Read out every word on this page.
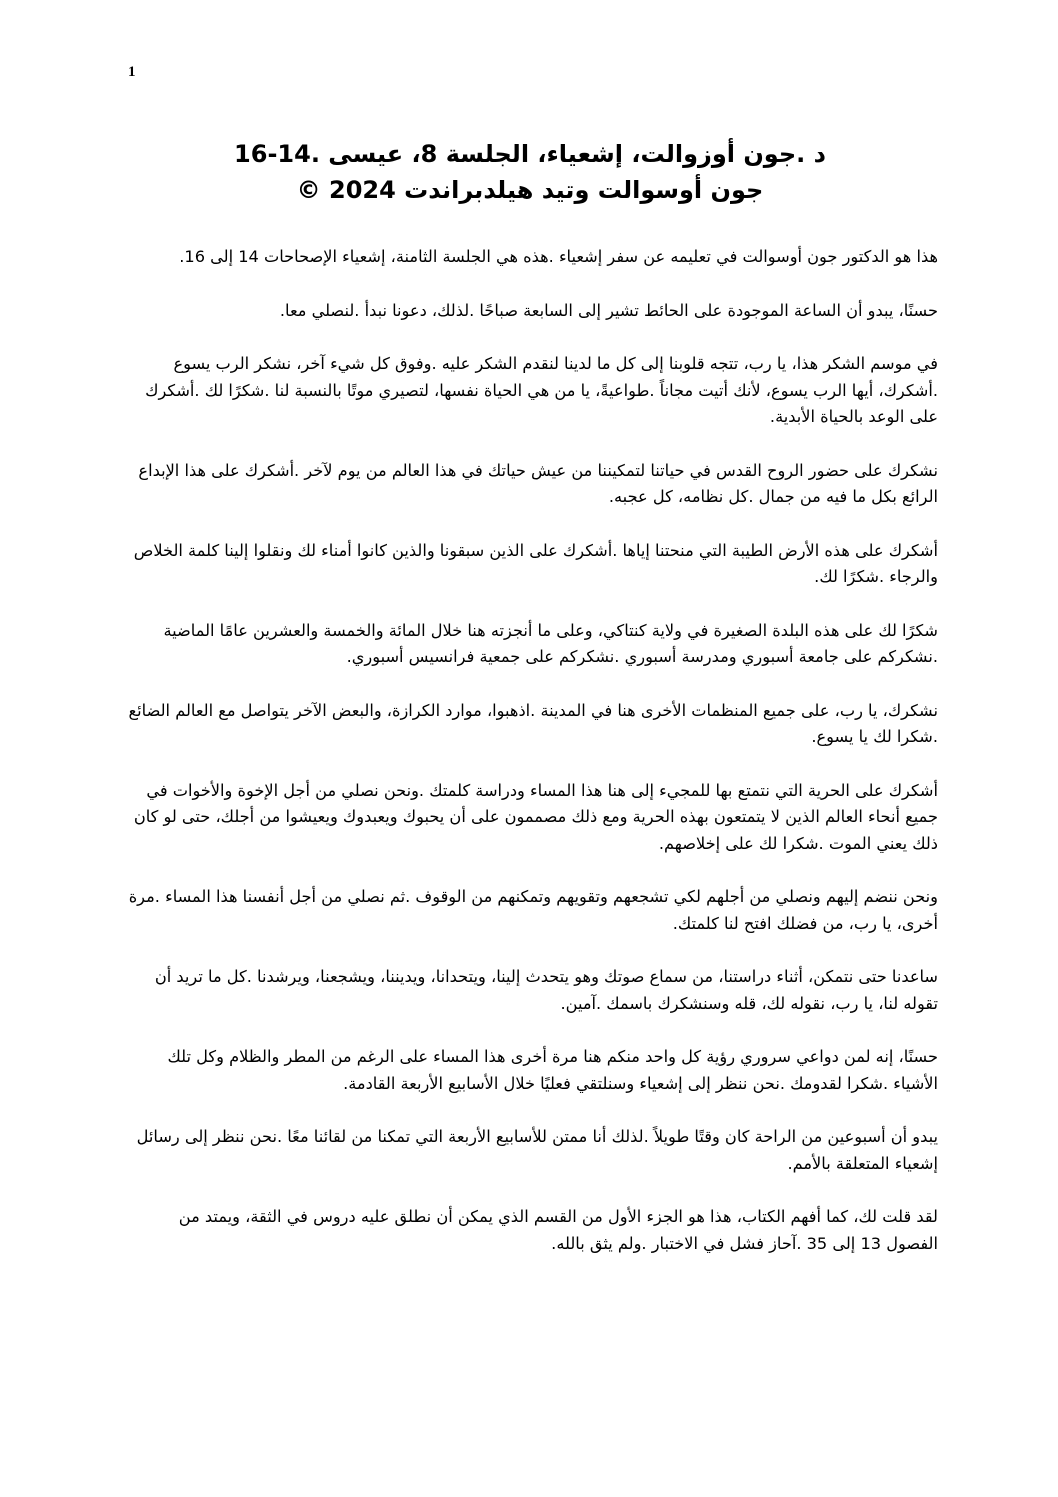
1
د .جون أوزوالت، إشعياء، الجلسة 8، عيسى .14-16
جون أوسوالت وتيد هيلدبراندت 2024 ©

هذا هو الدكتور جون أوسوالت في تعليمه عن سفر إشعياء .هذه هي الجلسة الثامنة، إشعياء الإصحاحات 14 إلى 16.

حسنًا، يبدو أن الساعة الموجودة على الحائط تشير إلى السابعة صباحًا .لذلك، دعونا نبدأ .لنصلي معا.

في موسم الشكر هذا، يا رب، تتجه قلوبنا إلى كل ما لدينا لنقدم الشكر عليه .وفوق كل شيء آخر، نشكر الرب يسوع .أشكرك، أيها الرب يسوع، لأنك أتيت مجاناً .طواعيةً، يا من هي الحياة نفسها، لتصيري موتًا بالنسبة لنا .شكرًا لك .أشكرك على الوعد بالحياة الأبدية.

نشكرك على حضور الروح القدس في حياتنا لتمكيننا من عيش حياتك في هذا العالم من يوم لآخر .أشكرك على هذا الإبداع الرائع بكل ما فيه من جمال .كل نظامه، كل عجبه.

أشكرك على هذه الأرض الطيبة التي منحتنا إياها .أشكرك على الذين سبقونا والذين كانوا أمناء لك ونقلوا إلينا كلمة الخلاص والرجاء .شكرًا لك.

شكرًا لك على هذه البلدة الصغيرة في ولاية كنتاكي، وعلى ما أنجزته هنا خلال المائة والخمسة والعشرين عامًا الماضية .نشكركم على جامعة أسبوري ومدرسة أسبوري .نشكركم على جمعية فرانسيس أسبوري.

نشكرك، يا رب، على جميع المنظمات الأخرى هنا في المدينة .اذهبوا، موارد الكرازة، والبعض الآخر يتواصل مع العالم الضائع .شكرا لك يا يسوع.

أشكرك على الحرية التي نتمتع بها للمجيء إلى هنا هذا المساء ودراسة كلمتك .ونحن نصلي من أجل الإخوة والأخوات في جميع أنحاء العالم الذين لا يتمتعون بهذه الحرية ومع ذلك مصممون على أن يحبوك ويعبدوك ويعيشوا من أجلك، حتى لو كان ذلك يعني الموت .شكرا لك على إخلاصهم.

ونحن ننضم إليهم ونصلي من أجلهم لكي تشجعهم وتقويهم وتمكنهم من الوقوف .ثم نصلي من أجل أنفسنا هذا المساء .مرة أخرى، يا رب، من فضلك افتح لنا كلمتك.

ساعدنا حتى نتمكن، أثناء دراستنا، من سماع صوتك وهو يتحدث إلينا، ويتحدانا، ويديننا، ويشجعنا، ويرشدنا .كل ما تريد أن تقوله لنا، يا رب، نقوله لك، قله وسنشكرك باسمك .آمين.

حسنًا، إنه لمن دواعي سروري رؤية كل واحد منكم هنا مرة أخرى هذا المساء على الرغم من المطر والظلام وكل تلك الأشياء .شكرا لقدومك .نحن ننظر إلى إشعياء وسنلتقي فعليًا خلال الأسابيع الأربعة القادمة.

يبدو أن أسبوعين من الراحة كان وقتًا طويلاً .لذلك أنا ممتن للأسابيع الأربعة التي تمكنا من لقائنا معًا .نحن ننظر إلى رسائل إشعياء المتعلقة بالأمم.

لقد قلت لك، كما أفهم الكتاب، هذا هو الجزء الأول من القسم الذي يمكن أن نطلق عليه دروس في الثقة، ويمتد من الفصول 13 إلى 35 .آحاز فشل في الاختبار .ولم يثق بالله.
